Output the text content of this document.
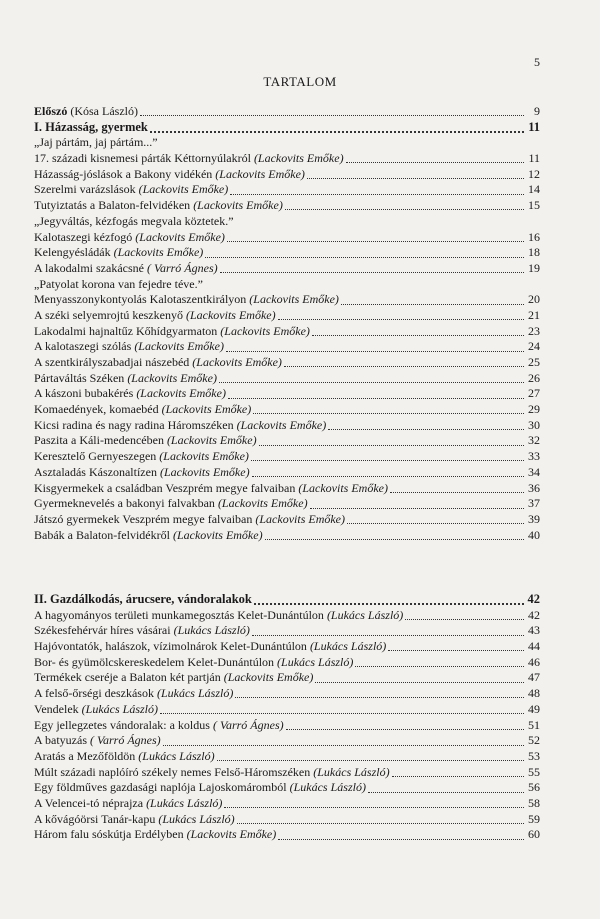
5
TARTALOM
Előszó (Kósa László)	9
I. Házasság, gyermek	11
„Jaj pártám, jaj pártám...”
17. századi kisnemesi párták Kéttornyúlakról (Lackovits Emőke)	11
Házasság-jóslások a Bakony vidékén (Lackovits Emőke)	12
Szerelmi varázslások (Lackovits Emőke)	14
Tutyiztatás a Balaton-felvidéken (Lackovits Emőke)	15
„Jegyváltás, kézfogás megvala köztetek.”
Kalotaszegi kézfogó (Lackovits Emőke)	16
Kelengyésládák (Lackovits Emőke)	18
A lakodalmi szakácsné ( Varró Ágnes)	19
„Patyolat korona van fejedre téve.”
Menyasszonykontyolás Kalotaszentkirályon (Lackovits Emőke)	20
A széki selyemrojtú keszkenyő (Lackovits Emőke)	21
Lakodalmi hajnaltűz Kőhídgyarmaton (Lackovits Emőke)	23
A kalotaszegi szólás (Lackovits Emőke)	24
A szentkirályszabadjai nászebéd (Lackovits Emőke)	25
Pártaváltás Széken (Lackovits Emőke)	26
A kászoni bubakérés (Lackovits Emőke)	27
Komaedények, komaebéd (Lackovits Emőke)	29
Kicsi radina és nagy radina Háromszéken (Lackovits Emőke)	30
Paszita a Káli-medencében (Lackovits Emőke)	32
Keresztelő Gernyeszegen (Lackovits Emőke)	33
Asztaladás Kászonaltízen (Lackovits Emőke)	34
Kisgyermekek a családban Veszprém megye falvaiban (Lackovits Emőke)	36
Gyermeknevelés a bakonyi falvakban (Lackovits Emőke)	37
Játszó gyermekek Veszprém megye falvaiban (Lackovits Emőke)	39
Babák a Balaton-felvidékről (Lackovits Emőke)	40
II. Gazdálkodás, árucsere, vándoralakok	42
A hagyományos területi munkamegosztás Kelet-Dunántúlon (Lukács László)	42
Székesfehérvár híres vásárai (Lukács László)	43
Hajóvontatók, halászok, vízimolnárok Kelet-Dunántúlon (Lukács László)	44
Bor- és gyümölcskereskedelem Kelet-Dunántúlon (Lukács László)	46
Termékek cseréje a Balaton két partján (Lackovits Emőke)	47
A felső-őrségi deszkások (Lukács László)	48
Vendelek (Lukács László)	49
Egy jellegzetes vándoralak: a koldus ( Varró Ágnes)	51
A batyuzás ( Varró Ágnes)	52
Aratás a Mezőföldön (Lukács László)	53
Múlt századi naplóíró székely nemes Felső-Háromszéken (Lukács László)	55
Egy földműves gazdasági naplója Lajoskomáromból (Lukács László)	56
A Velencei-tó néprajza (Lukács László)	58
A kővágóörsi Tanár-kapu (Lukács László)	59
Három falu sóskútja Erdélyben (Lackovits Emőke)	60
